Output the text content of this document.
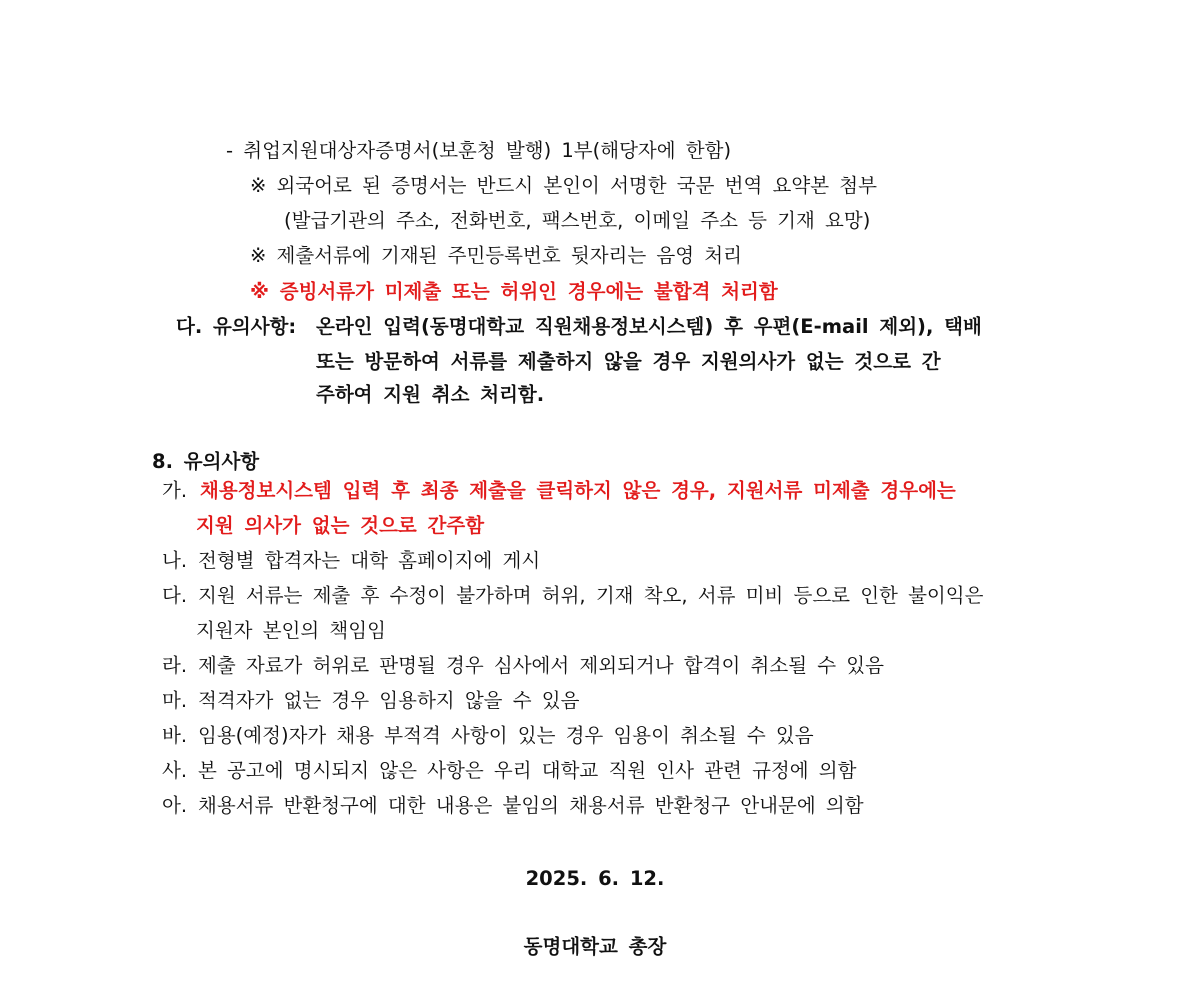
- 취업지원대상자증명서(보훈청 발행) 1부(해당자에 한함)
※ 외국어로 된 증명서는 반드시 본인이 서명한 국문 번역 요약본 첨부
(발급기관의 주소, 전화번호, 팩스번호, 이메일 주소 등 기재 요망)
※ 제출서류에 기재된 주민등록번호 뒷자리는 음영 처리
※ 증빙서류가 미제출 또는 허위인 경우에는 불합격 처리함
다. 유의사항: 온라인 입력(동명대학교 직원채용정보시스템) 후 우편(E-mail 제외), 택배
또는 방문하여 서류를 제출하지 않을 경우 지원의사가 없는 것으로 간
주하여 지원 취소 처리함.
8. 유의사항
가. 채용정보시스템 입력 후 최종 제출을 클릭하지 않은 경우, 지원서류 미제출 경우에는
지원 의사가 없는 것으로 간주함
나. 전형별 합격자는 대학 홈페이지에 게시
다. 지원 서류는 제출 후 수정이 불가하며 허위, 기재 착오, 서류 미비 등으로 인한 불이익은
지원자 본인의 책임임
라. 제출 자료가 허위로 판명될 경우 심사에서 제외되거나 합격이 취소될 수 있음
마. 적격자가 없는 경우 임용하지 않을 수 있음
바. 임용(예정)자가 채용 부적격 사항이 있는 경우 임용이 취소될 수 있음
사. 본 공고에 명시되지 않은 사항은 우리 대학교 직원 인사 관련 규정에 의함
아. 채용서류 반환청구에 대한 내용은 붙임의 채용서류 반환청구 안내문에 의함
2025. 6. 12.
동명대학교 총장
